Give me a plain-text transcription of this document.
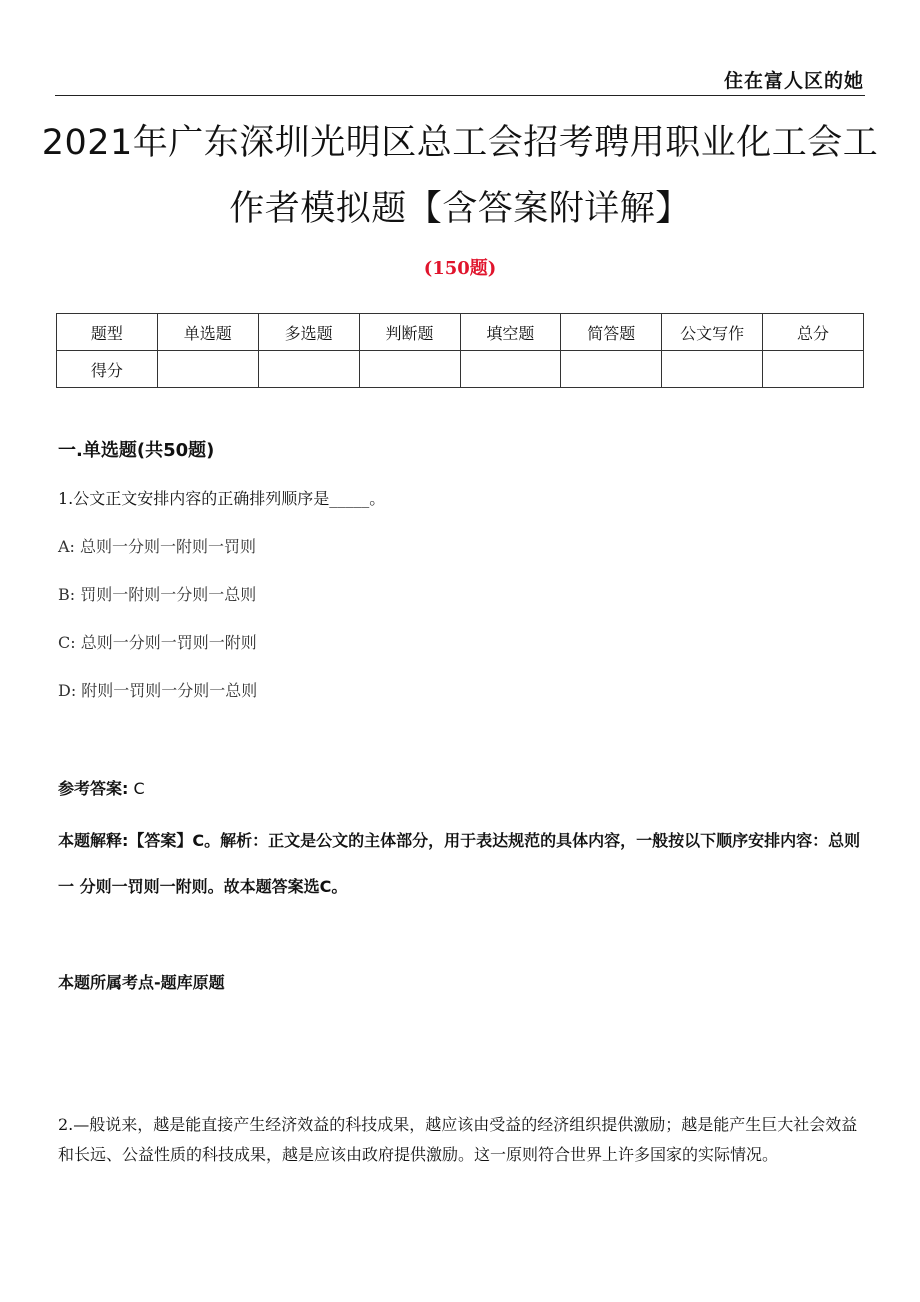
住在富人区的她
2021年广东深圳光明区总工会招考聘用职业化工会工作者模拟题【含答案附详解】
(150题)
题型	单选题	多选题	判断题	填空题	简答题	公文写作	总分
得分							
一.单选题(共50题)
1.公文正文安排内容的正确排列顺序是_____。
A: 总则一分则一附则一罚则
B: 罚则一附则一分则一总则
C: 总则一分则一罚则一附则
D: 附则一罚则一分则一总则
参考答案: C
本题解释:【答案】C。解析：正文是公文的主体部分，用于表达规范的具体内容，一般按以下顺序安排内容：总则一 分则一罚则一附则。故本题答案选C。
本题所属考点-题库原题
2.—般说来，越是能直接产生经济效益的科技成果，越应该由受益的经济组织提供激励；越是能产生巨大社会效益和长远、公益性质的科技成果，越是应该由政府提供激励。这一原则符合世界上许多国家的实际情况。
